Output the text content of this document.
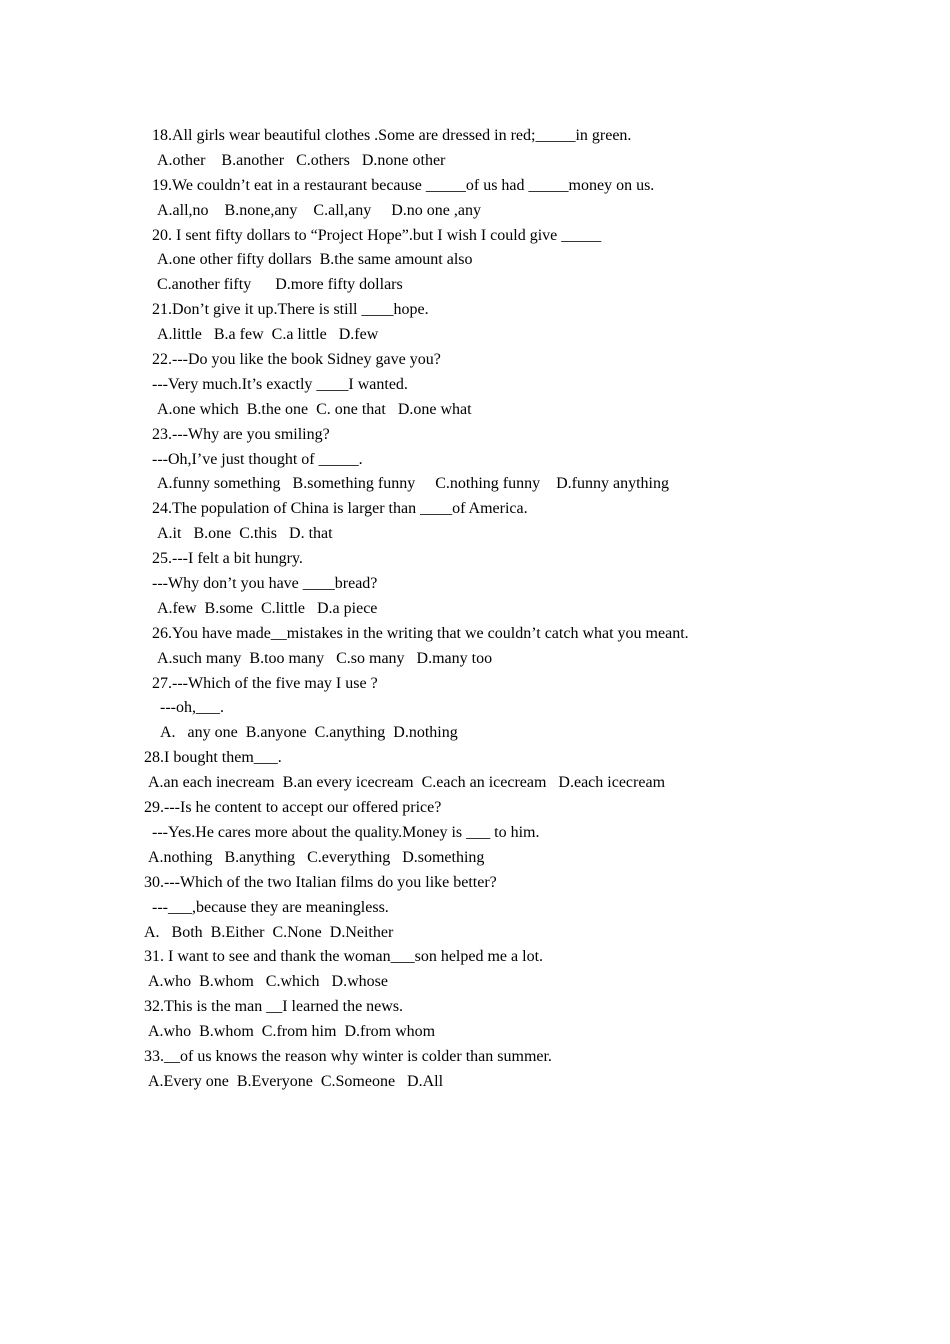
18.All girls wear beautiful clothes .Some are dressed in red;_____in green.
A.other    B.another   C.others   D.none other
19.We couldn’t eat in a restaurant because _____of us had _____money on us.
A.all,no    B.none,any    C.all,any     D.no one ,any
20. I sent fifty dollars to “Project Hope”.but I wish I could give _____
A.one other fifty dollars  B.the same amount also
C.another fifty      D.more fifty dollars
21.Don’t give it up.There is still ____hope.
A.little   B.a few  C.a little   D.few
22.---Do you like the book Sidney gave you?
---Very much.It’s exactly ____I wanted.
A.one which  B.the one  C. one that   D.one what
23.---Why are you smiling?
---Oh,I’ve just thought of _____.
A.funny something   B.something funny     C.nothing funny    D.funny anything
24.The population of China is larger than ____of America.
A.it   B.one  C.this   D. that
25.---I felt a bit hungry.
---Why don’t you have ____bread?
A.few  B.some  C.little   D.a piece
26.You have made__mistakes in the writing that we couldn’t catch what you meant.
A.such many  B.too many   C.so many   D.many too
27.---Which of the five may I use ?
---oh,___.
A.   any one  B.anyone  C.anything  D.nothing
28.I bought them___.
A.an each inecream  B.an every icecream  C.each an icecream   D.each icecream
29.---Is he content to accept our offered price?
---Yes.He cares more about the quality.Money is ___ to him.
A.nothing   B.anything   C.everything   D.something
30.---Which of the two Italian films do you like better?
---___,because they are meaningless.
A.   Both  B.Either  C.None  D.Neither
31. I want to see and thank the woman___son helped me a lot.
A.who  B.whom   C.which   D.whose
32.This is the man __I learned the news.
A.who  B.whom  C.from him  D.from whom
33.__of us knows the reason why winter is colder than summer.
A.Every one  B.Everyone  C.Someone   D.All
